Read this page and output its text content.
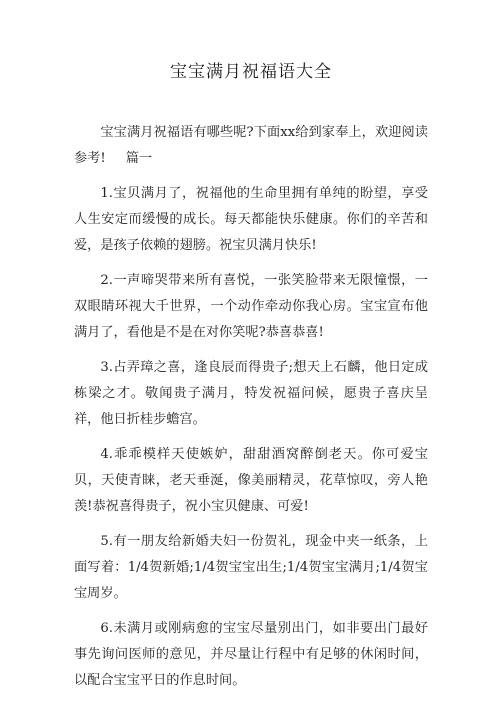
宝宝满月祝福语大全

宝宝满月祝福语有哪些呢?下面xx给到家奉上，欢迎阅读参考! 篇一

1.宝贝满月了，祝福他的生命里拥有单纯的盼望，享受人生安定而缓慢的成长。每天都能快乐健康。你们的辛苦和爱，是孩子依赖的翅膀。祝宝贝满月快乐!

2.一声啼哭带来所有喜悦，一张笑脸带来无限憧憬，一双眼睛环视大千世界，一个动作牵动你我心房。宝宝宣布他满月了，看他是不是在对你笑呢?恭喜恭喜!

3.占弄璋之喜，逢良辰而得贵子;想天上石麟，他日定成栋梁之才。敬闻贵子满月，特发祝福问候，愿贵子喜庆呈祥，他日折桂步蟾宫。

4.乖乖模样天使嫉妒，甜甜酒窝醉倒老天。你可爱宝贝，天使青睐，老天垂涎，像美丽精灵，花草惊叹，旁人艳羡!恭祝喜得贵子，祝小宝贝健康、可爱!

5.有一朋友给新婚夫妇一份贺礼，现金中夹一纸条，上面写着：1/4贺新婚;1/4贺宝宝出生;1/4贺宝宝满月;1/4贺宝宝周岁。

6.未满月或刚病愈的宝宝尽量别出门，如非要出门最好事先询问医师的意见，并尽量让行程中有足够的休闲时间，以配合宝宝平日的作息时间。
